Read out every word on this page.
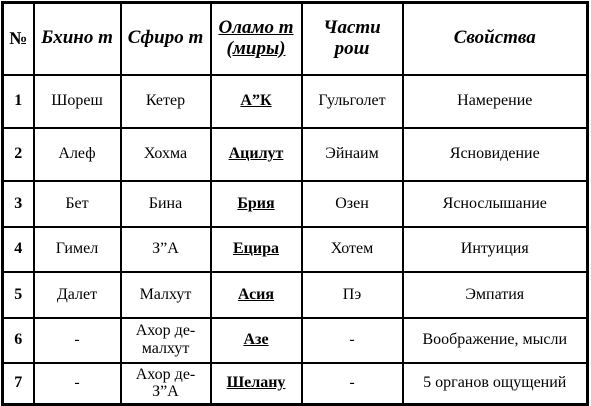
№	Бхино т	Сфиро т	Оламо т (миры)	Части рош	Свойства
1	Шореш	Кетер	А”К	Гульголет	Намерение
2	Алеф	Хохма	Ацилут	Эйнаим	Ясновидение
3	Бет	Бина	Брия	Озен	Яснослышание
4	Гимел	З”А	Ецира	Хотем	Интуиция
5	Далет	Малхут	Асия	Пэ	Эмпатия
6	-	Ахор де-малхут	Азе	-	Воображение, мысли
7	-	Ахор де-З”А	Шелану	-	5 органов ощущений
